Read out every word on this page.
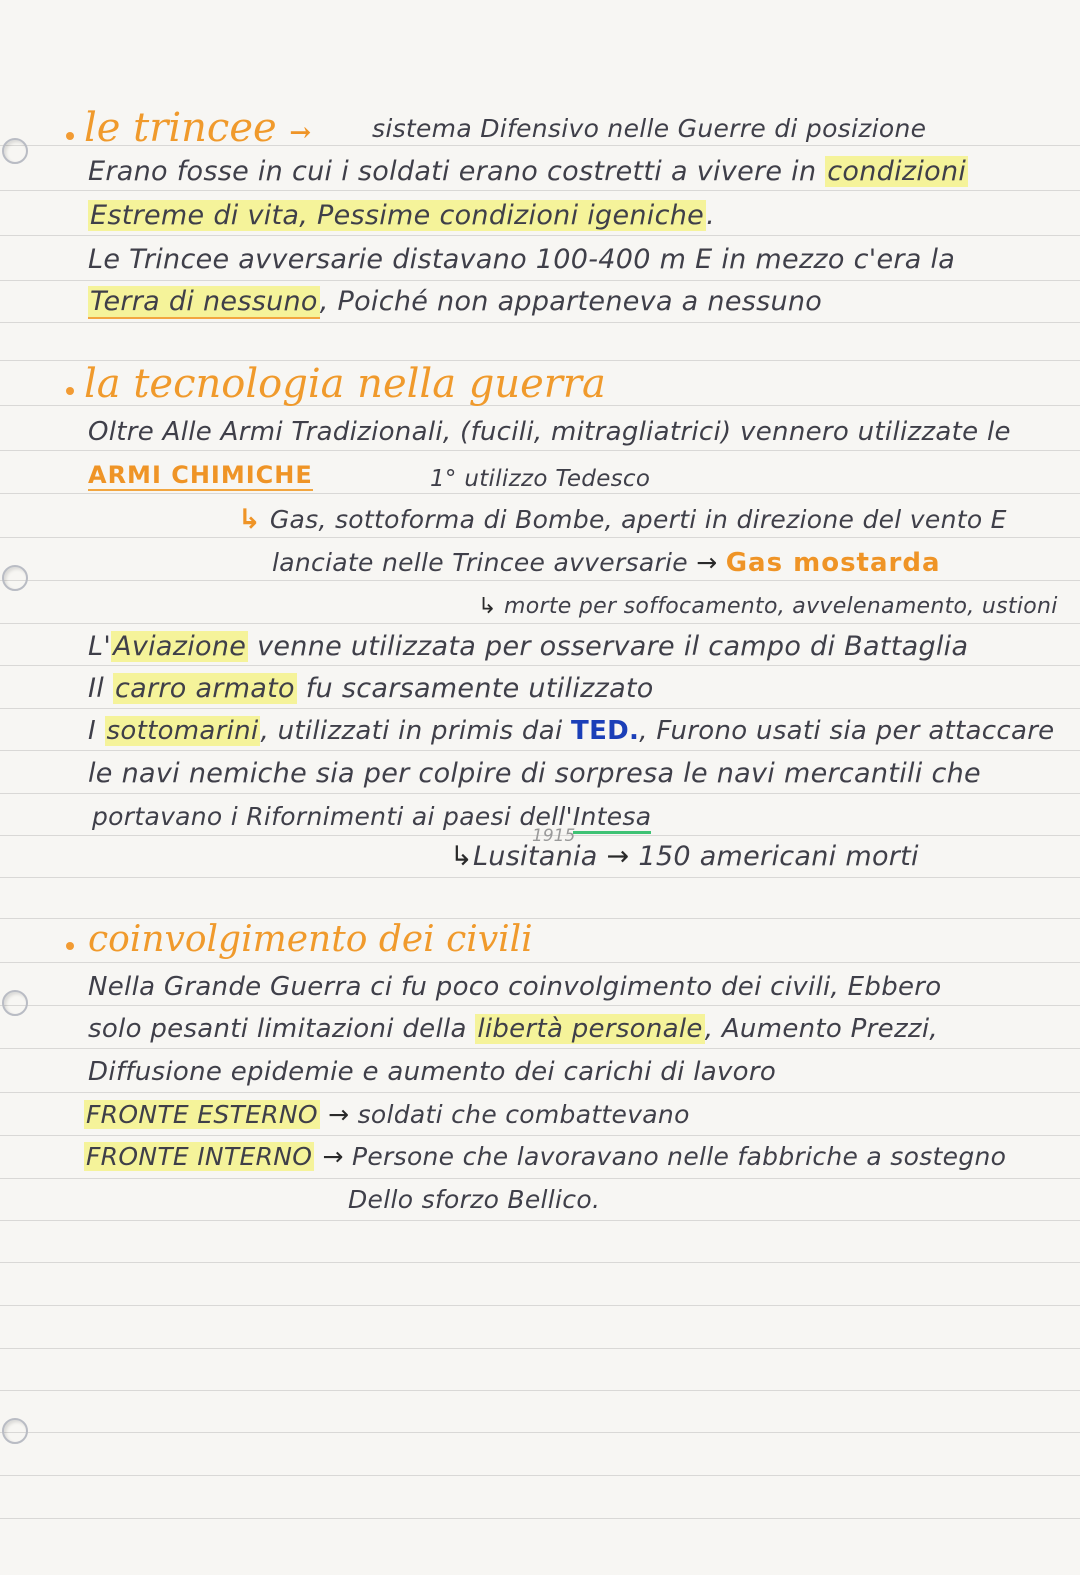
le trincee → sistema Difensivo nelle Guerre di posizione
Erano fosse in cui i soldati erano costretti a vivere in condizioni
Estreme di vita, Pessime condizioni igeniche.
Le Trincee avversarie distavano 100-400 m E in mezzo c'era la
Terra di nessuno, Poiché non apparteneva a nessuno
la tecnologia nella guerra
Oltre Alle Armi Tradizionali, (fucili, mitragliatrici) vennero utilizzate le
ARMI CHIMICHE	1° utilizzo Tedesco
↳ Gas, sottoforma di Bombe, aperti in direzione del vento E
lanciate nelle Trincee avversarie → Gas mostarda
↳ morte per soffocamento, avvelenamento, ustioni
L'Aviazione venne utilizzata per osservare il campo di Battaglia
Il carro armato fu scarsamente utilizzato
I sottomarini, utilizzati in primis dai TED., Furono usati sia per attaccare
le navi nemiche sia per colpire di sorpresa le navi mercantili che
portavano i Rifornimenti ai paesi dell'Intesa
1915
↳Lusitania → 150 americani morti
coinvolgimento dei civili
Nella Grande Guerra ci fu poco coinvolgimento dei civili, Ebbero
solo pesanti limitazioni della libertà personale, Aumento Prezzi,
Diffusione epidemie e aumento dei carichi di lavoro
FRONTE ESTERNO → soldati che combattevano
FRONTE INTERNO → Persone che lavoravano nelle fabbriche a sostegno
Dello sforzo Bellico.
